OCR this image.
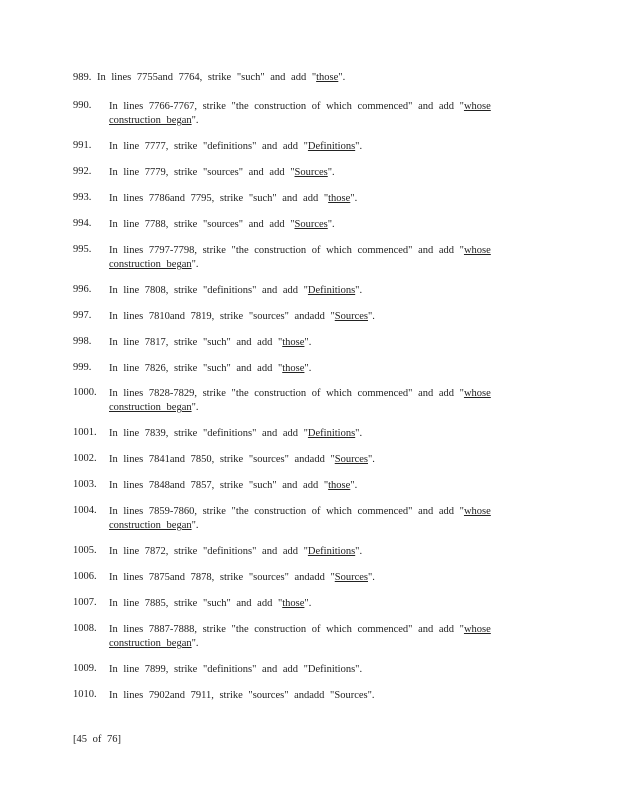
989. In lines 7755and 7764, strike "such" and add "those".
990. In lines 7766-7767, strike "the construction of which commenced" and add "whose construction began".
991. In line 7777, strike "definitions" and add "Definitions".
992. In line 7779, strike "sources" and add "Sources".
993. In lines 7786and 7795, strike "such" and add "those".
994. In line 7788, strike "sources" and add "Sources".
995. In lines 7797-7798, strike "the construction of which commenced" and add "whose construction began".
996. In line 7808, strike "definitions" and add "Definitions".
997. In lines 7810and 7819, strike "sources" andadd "Sources".
998. In line 7817, strike "such" and add "those".
999. In line 7826, strike "such" and add "those".
1000. In lines 7828-7829, strike "the construction of which commenced" and add "whose construction began".
1001. In line 7839, strike "definitions" and add "Definitions".
1002. In lines 7841and 7850, strike "sources" andadd "Sources".
1003. In lines 7848and 7857, strike "such" and add "those".
1004. In lines 7859-7860, strike "the construction of which commenced" and add "whose construction began".
1005. In line 7872, strike "definitions" and add "Definitions".
1006. In lines 7875and 7878, strike "sources" andadd "Sources".
1007. In line 7885, strike "such" and add "those".
1008. In lines 7887-7888, strike "the construction of which commenced" and add "whose construction began".
1009. In line 7899, strike "definitions" and add "Definitions".
1010. In lines 7902and 7911, strike "sources" andadd "Sources".
[45 of 76]
